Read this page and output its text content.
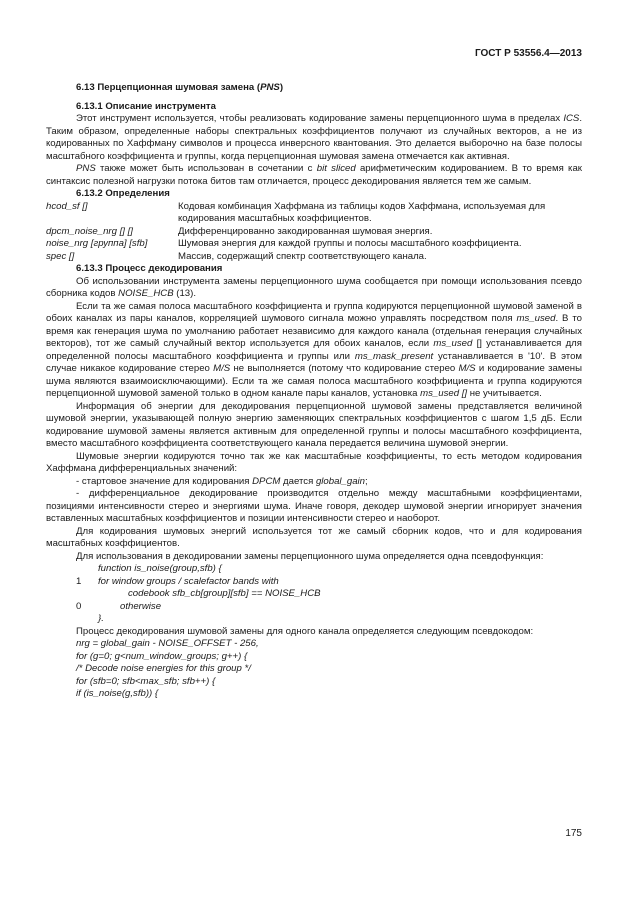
ГОСТ Р 53556.4—2013
6.13 Перцепционная шумовая замена (PNS)
6.13.1 Описание инструмента
Этот инструмент используется, чтобы реализовать кодирование замены перцепционного шума в пределах ICS. Таким образом, определенные наборы спектральных коэффициентов получают из случайных векторов, а не из кодированных по Хаффману символов и процесса инверсного квантования. Это делается выборочно на базе полосы масштабного коэффициента и группы, когда перцепционная шумовая замена отмечается как активная.
PNS также может быть использован в сочетании с bit sliced арифметическим кодированием. В то время как синтаксис полезной нагрузки потока битов там отличается, процесс декодирования является тем же самым.
6.13.2 Определения
hcod_sf []	Кодовая комбинация Хаффмана из таблицы кодов Хаффмана, используемая для кодирования масштабных коэффициентов.
dpcm_noise_nrg [] []	Дифференцированно закодированная шумовая энергия.
noise_nrg [группа] [sfb]	Шумовая энергия для каждой группы и полосы масштабного коэффициента.
spec []	Массив, содержащий спектр соответствующего канала.
6.13.3 Процесс декодирования
Об использовании инструмента замены перцепционного шума сообщается при помощи использования псевдо сборника кодов NOISE_HCB (13).
Если та же самая полоса масштабного коэффициента и группа кодируются перцепционной шумовой заменой в обоих каналах из пары каналов, корреляцией шумового сигнала можно управлять посредством поля ms_used. В то время как генерация шума по умолчанию работает независимо для каждого канала (отдельная генерация случайных векторов), тот же самый случайный вектор используется для обоих каналов, если ms_used [] устанавливается для определенной полосы масштабного коэффициента и группы или ms_mask_present устанавливается в '10'. В этом случае никакое кодирование стерео M/S не выполняется (потому что кодирование стерео M/S и кодирование замены шума являются взаимоисключающими). Если та же самая полоса масштабного коэффициента и группа кодируются перцепционной шумовой заменой только в одном канале пары каналов, установка ms_used [] не учитывается.
Информация об энергии для декодирования перцепционной шумовой замены представляется величиной шумовой энергии, указывающей полную энергию заменяющих спектральных коэффициентов с шагом 1,5 дБ. Если кодирование шумовой замены является активным для определенной группы и полосы масштабного коэффициента, вместо масштабного коэффициента соответствующего канала передается величина шумовой энергии.
Шумовые энергии кодируются точно так же как масштабные коэффициенты, то есть методом кодирования Хаффмана дифференциальных значений:
- стартовое значение для кодирования DPCM дается global_gain;
- дифференциальное декодирование производится отдельно между масштабными коэффициентами, позициями интенсивности стерео и энергиями шума. Иначе говоря, декодер шумовой энергии игнорирует значения вставленных масштабных коэффициентов и позиции интенсивности стерео и наоборот.
Для кодирования шумовых энергий используется тот же самый сборник кодов, что и для кодирования масштабных коэффициентов.
Для использования в декодировании замены перцепционного шума определяется одна псевдофункция:
function is_noise(group,sfb) {
1 for window groups / scalefactor bands with
codebook sfb_cb[group][sfb] == NOISE_HCB
0	otherwise
}.
Процесс декодирования шумовой замены для одного канала определяется следующим псевдокодом:
nrg = global_gain - NOISE_OFFSET - 256,
for (g=0; g<num_window_groups; g++) {
/* Decode noise energies for this group */
for (sfb=0; sfb<max_sfb; sfb++) {
if (is_noise(g,sfb)) {
175
